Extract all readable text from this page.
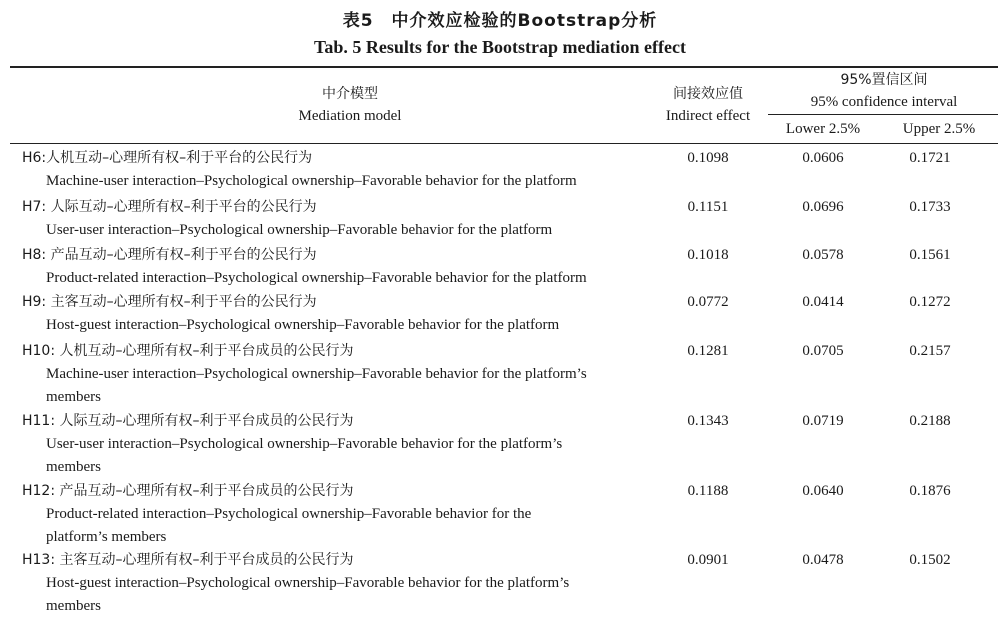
表5　中介效应检验的Bootstrap分析
Tab. 5 Results for the Bootstrap mediation effect
中介模型
Mediation model
间接效应值
Indirect effect
95%置信区间
95% confidence interval
Lower 2.5%	Upper 2.5%
H6:人机互动–心理所有权–利于平台的公民行为
Machine-user interaction–Psychological ownership–Favorable behavior for the platform
0.1098	0.0606	0.1721
H7: 人际互动–心理所有权–利于平台的公民行为
User-user interaction–Psychological ownership–Favorable behavior for the platform
0.1151	0.0696	0.1733
H8: 产品互动–心理所有权–利于平台的公民行为
Product-related interaction–Psychological ownership–Favorable behavior for the platform
0.1018	0.0578	0.1561
H9: 主客互动–心理所有权–利于平台的公民行为
Host-guest interaction–Psychological ownership–Favorable behavior for the platform
0.0772	0.0414	0.1272
H10: 人机互动–心理所有权–利于平台成员的公民行为
Machine-user interaction–Psychological ownership–Favorable behavior for the platform’s
members
0.1281	0.0705	0.2157
H11: 人际互动–心理所有权–利于平台成员的公民行为
User-user interaction–Psychological ownership–Favorable behavior for the platform’s
members
0.1343	0.0719	0.2188
H12: 产品互动–心理所有权–利于平台成员的公民行为
Product-related interaction–Psychological ownership–Favorable behavior for the
platform’s members
0.1188	0.0640	0.1876
H13: 主客互动–心理所有权–利于平台成员的公民行为
Host-guest interaction–Psychological ownership–Favorable behavior for the platform’s
members
0.0901	0.0478	0.1502
